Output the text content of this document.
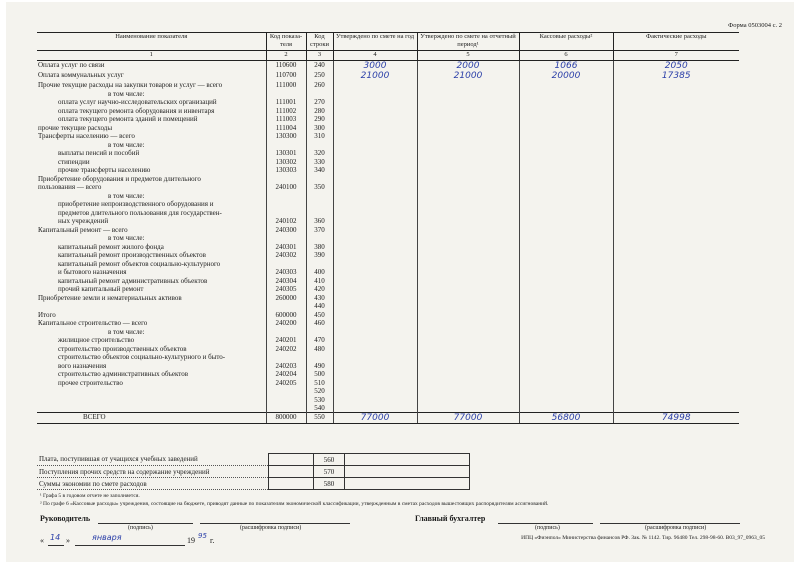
Форма 0503004 с. 2
Наименование показателя	Код показа- теля	Код строки	Утверждено по смете на год	Утверждено по смете на отчетный период¹	Кассовые расходы²	Фактические расходы
1	2	3	4	5	6	7
Оплата услуг по связи	110600	240	3000	2000	1066	2050
Оплата коммунальных услуг	110700	250	21000	21000	20000	17385
Прочие текущие расходы на закупки товаров и услуг — всего	111000	260				
в том числе:						
оплата услуг научно-исследовательских организаций	111001	270				
оплата текущего ремонта оборудования и инвентаря	111002	280				
оплата текущего ремонта зданий и помещений	111003	290				
прочие текущие расходы	111004	300				
Трансферты населению — всего	130300	310				
в том числе:						
выплаты пенсий и пособий	130301	320				
стипендии	130302	330				
прочие трансферты населению	130303	340				
Приобретение оборудования и предметов длительного						
пользования — всего	240100	350				
в том числе:						
приобретение непроизводственного оборудования и						
предметов длительного пользования для государствен-						
ных учреждений	240102	360				
Капитальный ремонт — всего	240300	370				
в том числе:						
капитальный ремонт жилого фонда	240301	380				
капитальный ремонт производственных объектов	240302	390				
капитальный ремонт объектов социально-культурного						
и бытового назначения	240303	400				
капитальный ремонт административных объектов	240304	410				
прочий капитальный ремонт	240305	420				
Приобретение земли и нематериальных активов	260000	430				
		440				
Итого	600000	450				
Капитальное строительство — всего	240200	460				
в том числе:						
жилищное строительство	240201	470				
строительство производственных объектов	240202	480				
строительство объектов социально-культурного и быто-						
вого назначения	240203	490				
строительство административных объектов	240204	500				
прочее строительство	240205	510				
		520				
		530				
		540				
ВСЕГО	800000	550	77000	77000	56800	74998
Плата, поступившая от учащихся учебных заведений		560	
Поступления прочих средств на содержание учреждений		570	
Суммы экономии по смете расходов		580	
¹ Графа 5 в годовом отчете не заполняется.
² По графе 6 «Кассовые расходы» учреждения, состоящие на бюджете, приводят данные по показателям экономической классификации, утвержденным в сметах расходов вышестоящих распорядителям ассигнований.
Руководитель
(подпись)	(расшифровка подписи)
Главный бухгалтер
(подпись)	(расшифровка подписи)
« 14 »	января	19 95 г.	ИПЦ «Фиэнпол» Министерства финансов РФ. Зак. № 1142. Тир. 96480 Тел. 298-98-60. В03_97_0963_05
